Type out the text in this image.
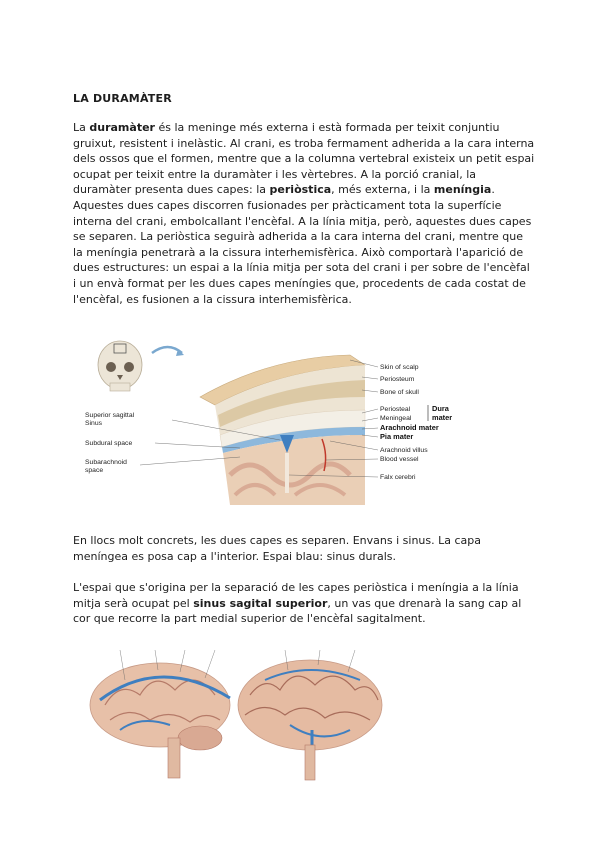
LA DURAMÀTER

La duramàter és la meninge més externa i està formada per teixit conjuntiu gruixut, resistent i inelàstic. Al crani, es troba fermament adherida a la cara interna dels ossos que el formen, mentre que a la columna vertebral existeix un petit espai ocupat per teixit entre la duramàter i les vèrtebres. A la porció cranial, la duramàter presenta dues capes: la periòstica, més externa, i la meníngia. Aquestes dues capes discorren fusionades per pràcticament tota la superfície interna del crani, embolcallant l'encèfal. A la línia mitja, però, aquestes dues capes se separen. La periòstica seguirà adherida a la cara interna del crani, mentre que la meníngia penetrarà a la cissura interhemisfèrica. Això comportarà l'aparició de dues estructures: un espai a la línia mitja per sota del crani i per sobre de l'encèfal i un envà format per les dues capes meníngies que, procedents de cada costat de l'encèfal, es fusionen a la cissura interhemisfèrica.

Superior sagittal
Sinus
Subdural space
Subarachnoid
space
Skin of scalp
Periosteum
Bone of skull
Periosteal
Meningeal
Dura
mater
Arachnoid mater
Pia mater
Arachnoid villus
Blood vessel
Falx cerebri

En llocs molt concrets, les dues capes es separen. Envans i sinus. La capa meníngea es posa cap a l'interior. Espai blau: sinus durals.

L'espai que s'origina per la separació de les capes periòstica i meníngia a la línia mitja serà ocupat pel sinus sagital superior, un vas que drenarà la sang cap al cor que recorre la part medial superior de l'encèfal sagitalment.
